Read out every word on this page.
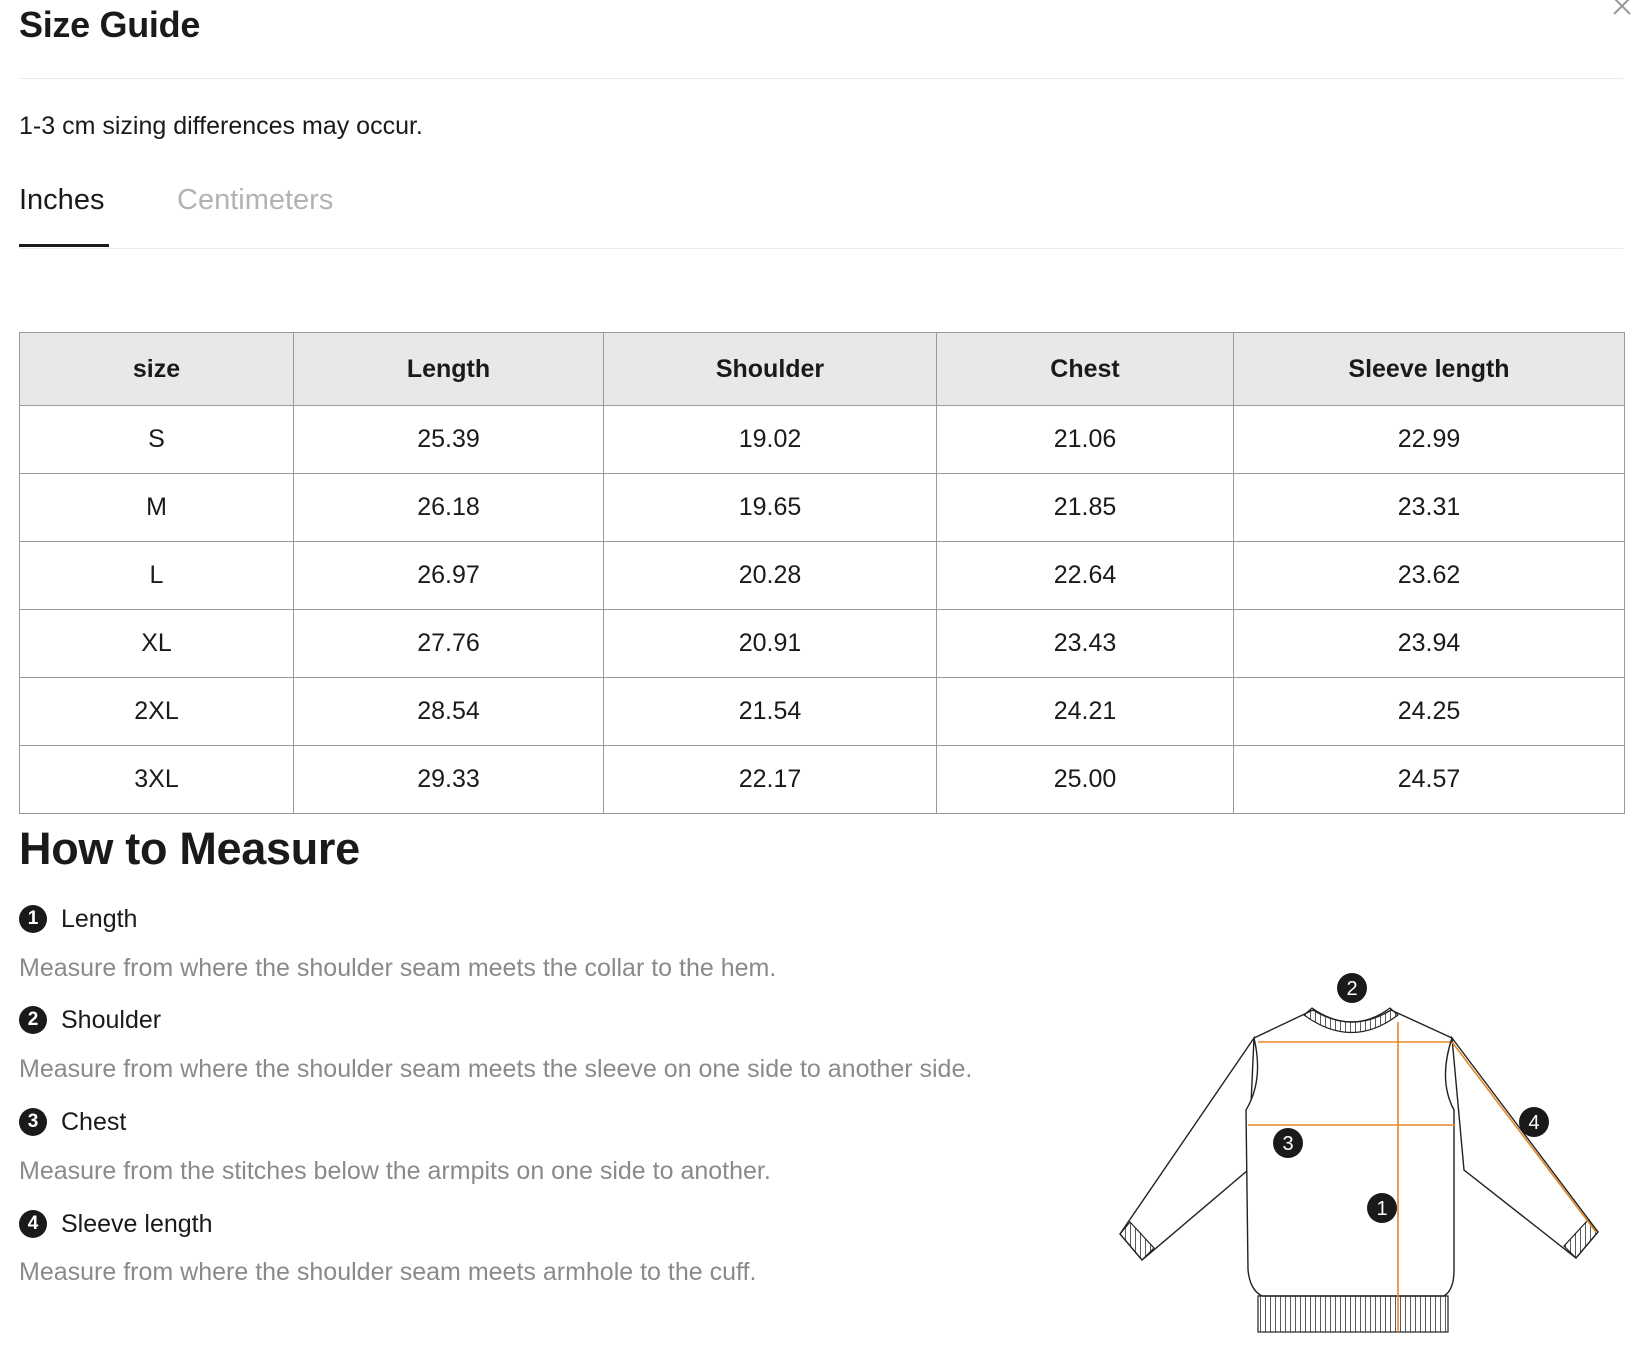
Size Guide

1-3 cm sizing differences may occur.

Inches	Centimeters
size	Length	Shoulder	Chest	Sleeve length
S	25.39	19.02	21.06	22.99
M	26.18	19.65	21.85	23.31
L	26.97	20.28	22.64	23.62
XL	27.76	20.91	23.43	23.94
2XL	28.54	21.54	24.21	24.25
3XL	29.33	22.17	25.00	24.57
How to Measure
1 Length

Measure from where the shoulder seam meets the collar to the hem.

2 Shoulder

Measure from where the shoulder seam meets the sleeve on one side to another side.

3 Chest

Measure from the stitches below the armpits on one side to another.

4 Sleeve length

Measure from where the shoulder seam meets armhole to the cuff.

2
3
1
4
